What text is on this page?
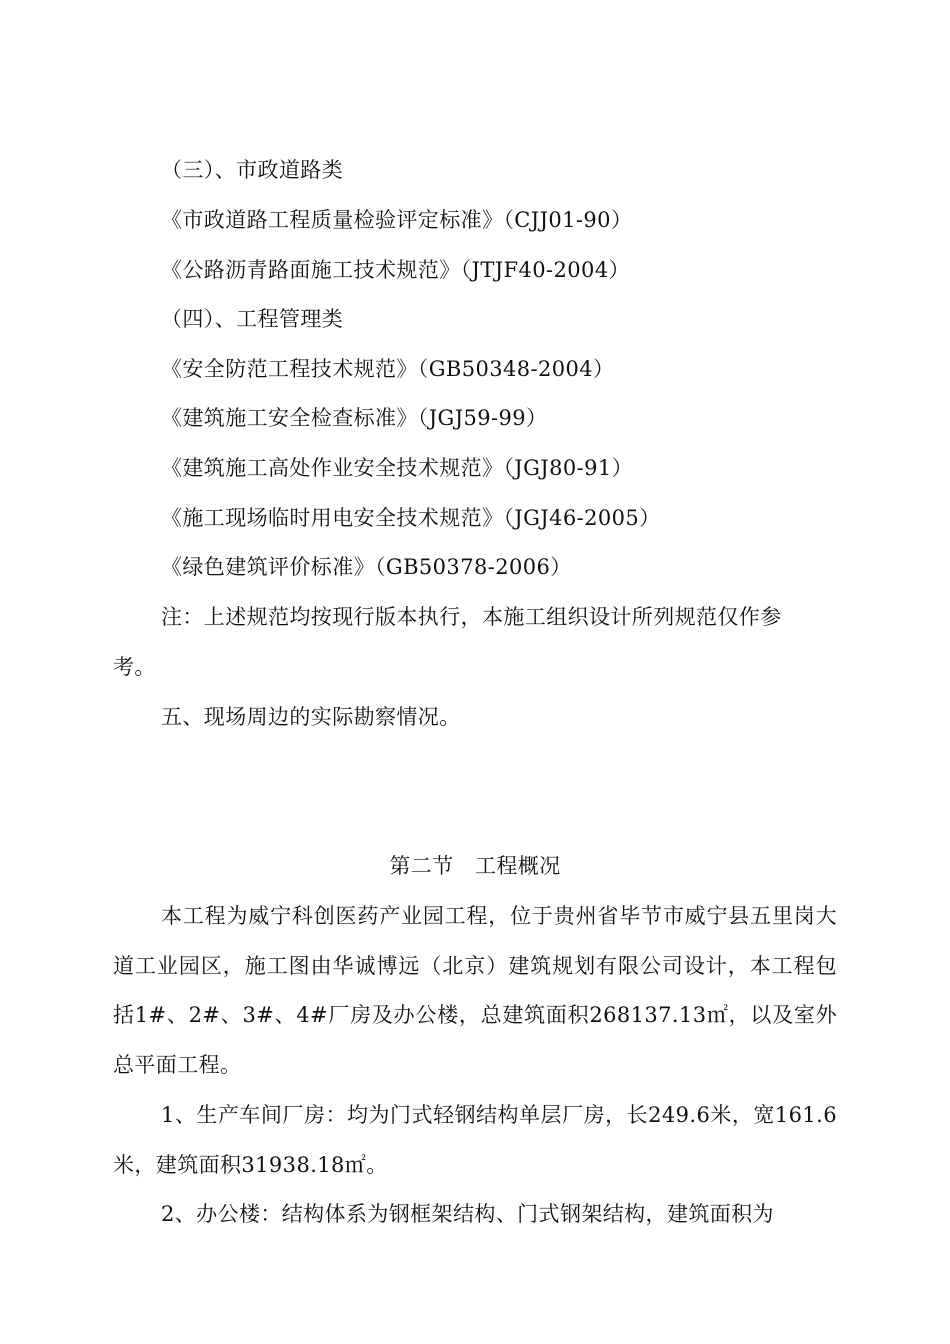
（三）、市政道路类
《市政道路工程质量检验评定标准》（CJJ01-90）
《公路沥青路面施工技术规范》（JTJF40-2004）
（四）、工程管理类
《安全防范工程技术规范》（GB50348-2004）
《建筑施工安全检查标准》（JGJ59-99）
《建筑施工高处作业安全技术规范》（JGJ80-91）
《施工现场临时用电安全技术规范》（JGJ46-2005）
《绿色建筑评价标准》（GB50378-2006）
注：上述规范均按现行版本执行，本施工组织设计所列规范仅作参
考。
五、现场周边的实际勘察情况。
第二节　工程概况
本工程为威宁科创医药产业园工程，位于贵州省毕节市威宁县五里岗大道工业园区，施工图由华诚博远（北京）建筑规划有限公司设计，本工程包括1#、2#、3#、4#厂房及办公楼，总建筑面积268137.13㎡，以及室外总平面工程。
1、生产车间厂房：均为门式轻钢结构单层厂房，长249.6米，宽161.6米，建筑面积31938.18㎡。
2、办公楼：结构体系为钢框架结构、门式钢架结构，建筑面积为
